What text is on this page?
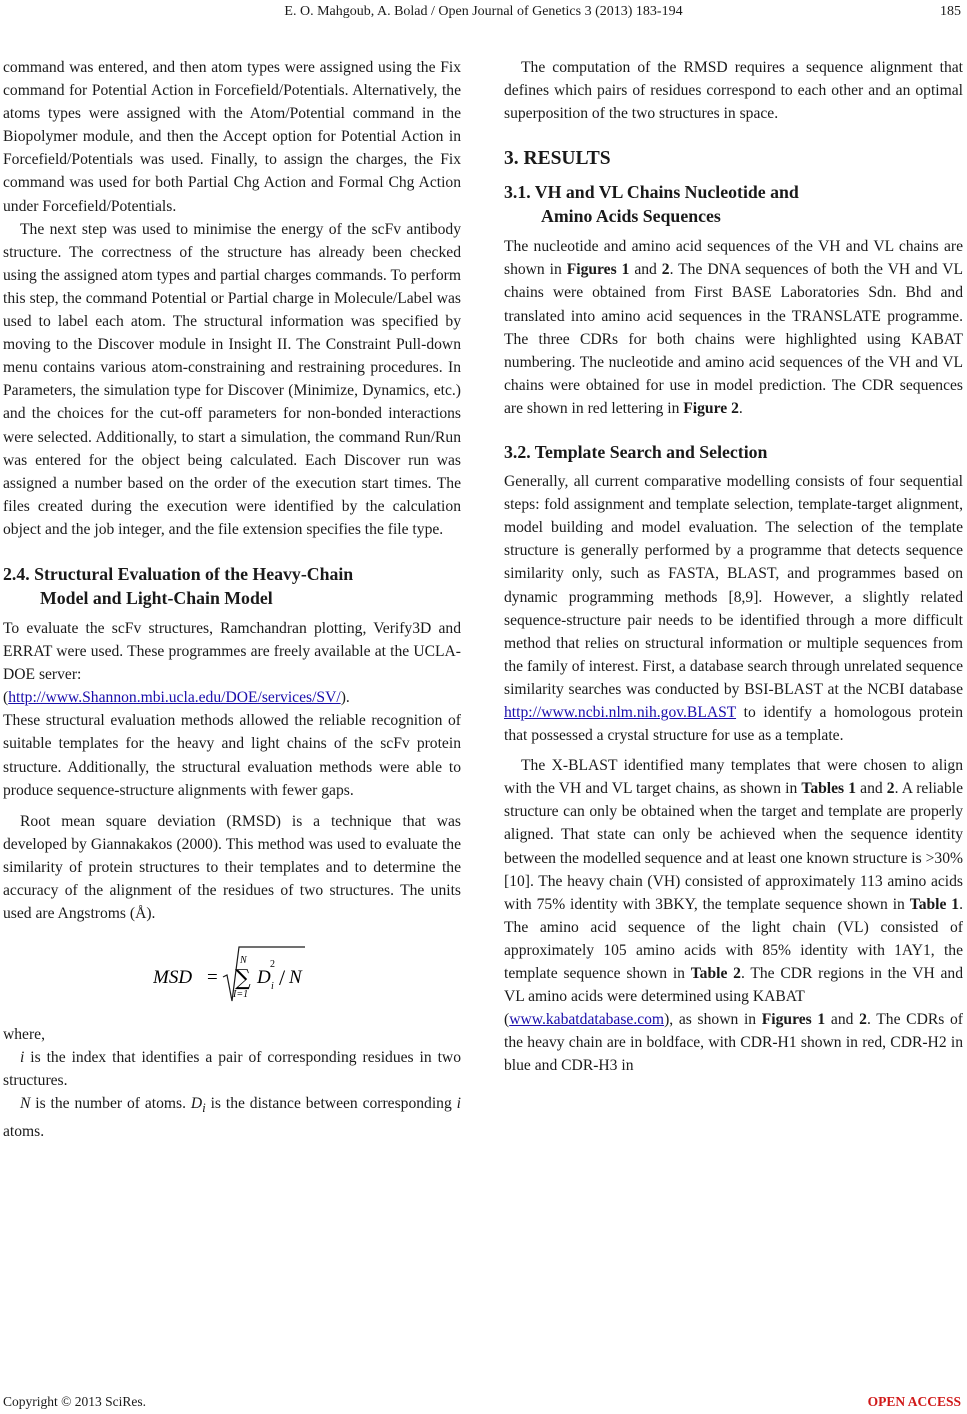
E. O. Mahgoub, A. Bolad / Open Journal of Genetics 3 (2013) 183-194	185

command was entered, and then atom types were assigned using the Fix command for Potential Action in Forcefield/Potentials. Alternatively, the atoms types were assigned with the Atom/Potential command in the Biopolymer module, and then the Accept option for Potential Action in Forcefield/Potentials was used. Finally, to assign the charges, the Fix command was used for both Partial Chg Action and Formal Chg Action under Forcefield/Potentials.

The next step was used to minimise the energy of the scFv antibody structure. The correctness of the structure has already been checked using the assigned atom types and partial charges commands. To perform this step, the command Potential or Partial charge in Molecule/Label was used to label each atom. The structural information was specified by moving to the Discover module in Insight II. The Constraint Pull-down menu contains various atom-constraining and restraining procedures. In Parameters, the simulation type for Discover (Minimize, Dynamics, etc.) and the choices for the cut-off parameters for non-bonded interactions were selected. Additionally, to start a simulation, the command Run/Run was entered for the object being calculated. Each Discover run was assigned a number based on the order of the execution start times. The files created during the execution were identified by the calculation object and the job integer, and the file extension specifies the file type.

2.4. Structural Evaluation of the Heavy-Chain
Model and Light-Chain Model

To evaluate the scFv structures, Ramchandran plotting, Verify3D and ERRAT were used. These programmes are freely available at the UCLA-DOE server:
(http://www.Shannon.mbi.ucla.edu/DOE/services/SV/).

These structural evaluation methods allowed the reliable recognition of suitable templates for the heavy and light chains of the scFv protein structure. Additionally, the structural evaluation methods were able to produce sequence-structure alignments with fewer gaps.

Root mean square deviation (RMSD) is a technique that was developed by Giannakakos (2000). This method was used to evaluate the similarity of protein structures to their templates and to determine the accuracy of the alignment of the residues of two structures. The units used are Angstroms (Å).

MSD = ∑
N
I=1
D
2
i / N

where,

i is the index that identifies a pair of corresponding residues in two structures.

N is the number of atoms. $D_i$ is the distance between corresponding i atoms.

The computation of the RMSD requires a sequence alignment that defines which pairs of residues correspond to each other and an optimal superposition of the two structures in space.

3. RESULTS
3.1. VH and VL Chains Nucleotide and
Amino Acids Sequences

The nucleotide and amino acid sequences of the VH and VL chains are shown in Figures 1 and 2. The DNA sequences of both the VH and VL chains were obtained from First BASE Laboratories Sdn. Bhd and translated into amino acid sequences in the TRANSLATE programme. The three CDRs for both chains were highlighted using KABAT numbering. The nucleotide and amino acid sequences of the VH and VL chains were obtained for use in model prediction. The CDR sequences are shown in red lettering in Figure 2.

3.2. Template Search and Selection

Generally, all current comparative modelling consists of four sequential steps: fold assignment and template selection, template-target alignment, model building and model evaluation. The selection of the template structure is generally performed by a programme that detects sequence similarity only, such as FASTA, BLAST, and programmes based on dynamic programming methods [8,9]. However, a slightly related sequence-structure pair needs to be identified through a more difficult method that relies on structural information or multiple sequences from the family of interest. First, a database search through unrelated sequence similarity searches was conducted by BSI-BLAST at the NCBI database http://www.ncbi.nlm.nih.gov.BLAST to identify a homologous protein that possessed a crystal structure for use as a template.

The X-BLAST identified many templates that were chosen to align with the VH and VL target chains, as shown in Tables 1 and 2. A reliable structure can only be obtained when the target and template are properly aligned. That state can only be achieved when the sequence identity between the modelled sequence and at least one known structure is >30% [10]. The heavy chain (VH) consisted of approximately 113 amino acids with 75% identity with 3BKY, the template sequence shown in Table 1. The amino acid sequence of the light chain (VL) consisted of approximately 105 amino acids with 85% identity with 1AY1, the template sequence shown in Table 2. The CDR regions in the VH and VL amino acids were determined using KABAT
(www.kabatdatabase.com), as shown in Figures 1 and 2. The CDRs of the heavy chain are in boldface, with CDR-H1 shown in red, CDR-H2 in blue and CDR-H3 in

Copyright © 2013 SciRes.	OPEN ACCESS
